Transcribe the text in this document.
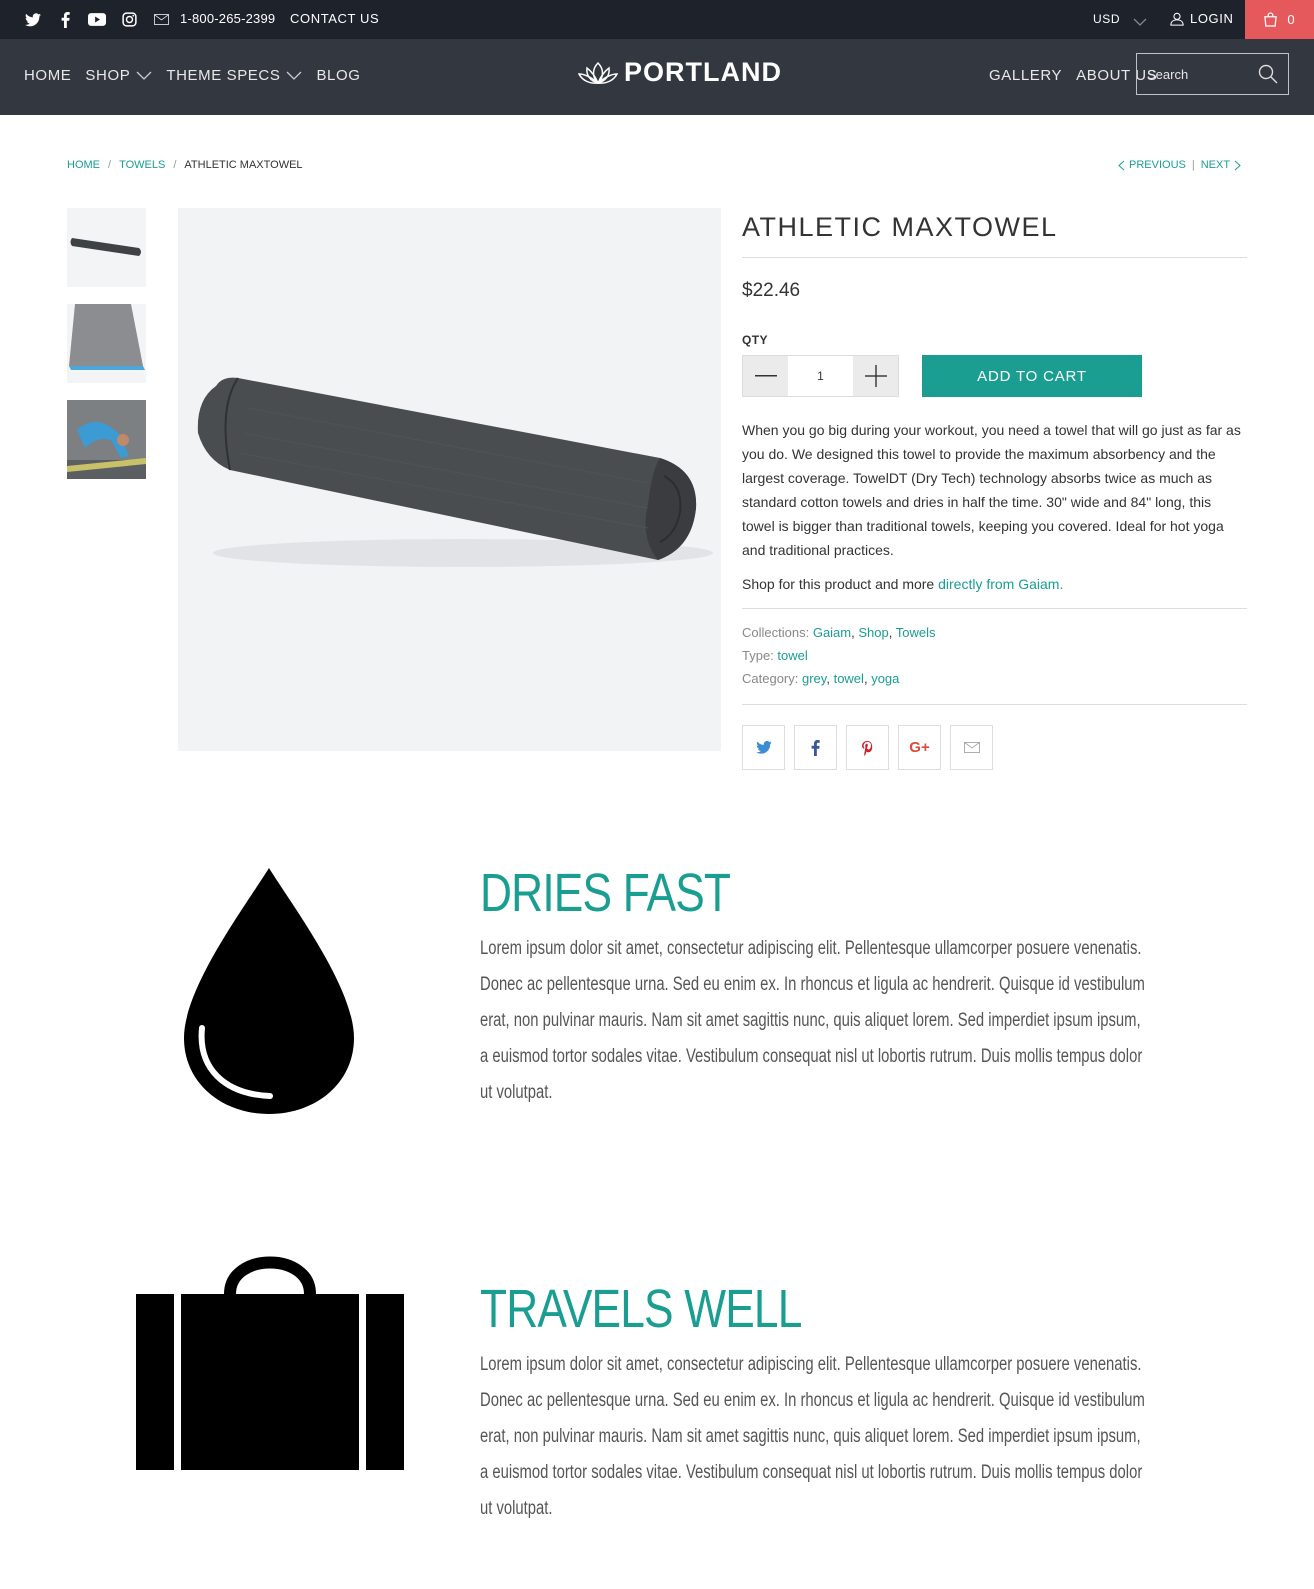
1-800-265-2399 CONTACT US	USD	LOGIN	0
HOME SHOP THEME SPECS BLOG	PORTLAND	GALLERY ABOUT US
Search
HOME / TOWELS / ATHLETIC MAXTOWEL	PREVIOUS | NEXT
ATHLETIC MAXTOWEL
$22.46
QTY
1
ADD TO CART

When you go big during your workout, you need a towel that will go just as far as you do. We designed this towel to provide the maximum absorbency and the largest coverage. TowelDT (Dry Tech) technology absorbs twice as much as standard cotton towels and dries in half the time. 30" wide and 84" long, this towel is bigger than traditional towels, keeping you covered. Ideal for hot yoga and traditional practices.

Shop for this product and more directly from Gaiam.

Collections: Gaiam, Shop, Towels
Type: towel
Category: grey, towel, yoga
G+
DRIES FAST
Lorem ipsum dolor sit amet, consectetur adipiscing elit. Pellentesque ullamcorper posuere venenatis. Donec ac pellentesque urna. Sed eu enim ex. In rhoncus et ligula ac hendrerit. Quisque id vestibulum erat, non pulvinar mauris. Nam sit amet sagittis nunc, quis aliquet lorem. Sed imperdiet ipsum ipsum, a euismod tortor sodales vitae. Vestibulum consequat nisl ut lobortis rutrum. Duis mollis tempus dolor ut volutpat.
TRAVELS WELL
Lorem ipsum dolor sit amet, consectetur adipiscing elit. Pellentesque ullamcorper posuere venenatis. Donec ac pellentesque urna. Sed eu enim ex. In rhoncus et ligula ac hendrerit. Quisque id vestibulum erat, non pulvinar mauris. Nam sit amet sagittis nunc, quis aliquet lorem. Sed imperdiet ipsum ipsum, a euismod tortor sodales vitae. Vestibulum consequat nisl ut lobortis rutrum. Duis mollis tempus dolor ut volutpat.
